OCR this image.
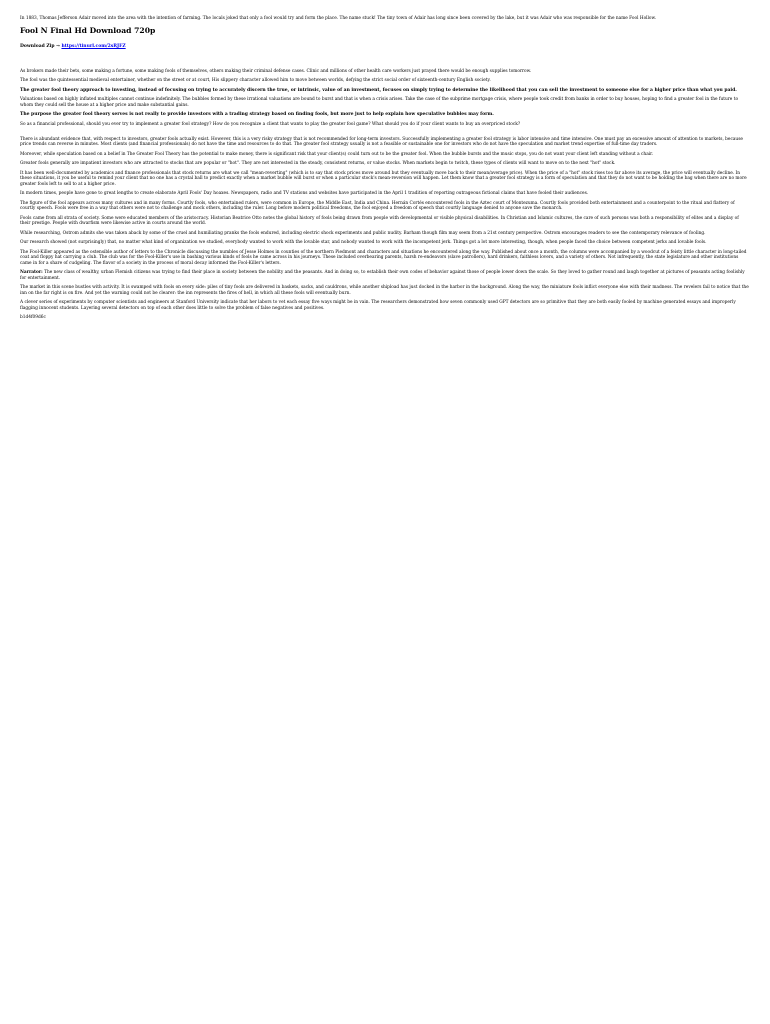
In 1883, Thomas Jefferson Adair moved into the area with the intention of farming. The locals joked that only a fool would try and form the place. The name stuck! The tiny town of Adair has long since been covered by the lake, but it was Adair who was responsible for the name Fool Hollow.

Fool N Final Hd Download 720p
Download Zip → https://tinurl.com/2sRJFZ

As brokers made their bets, some making a fortune, some making fools of themselves, others making their criminal defense cases. Clinic and millions of other health care workers just prayed there would be enough supplies tomorrow.

The fool was the quintessential medieval entertainer, whether on the street or at court, His slippery character allowed him to move between worlds, defying the strict social order of sixteenth-century English society.

The greater fool theory approach to investing, instead of focusing on trying to accurately discern the true, or intrinsic, value of an investment, focuses on simply trying to determine the likelihood that you can sell the investment to someone else for a higher price than what you paid.

Valuations based on highly inflated multiples cannot continue indefinitely. The bubbles formed by these irrational valuations are bound to burst and that is when a crisis arises. Take the case of the subprime mortgage crisis, where people took credit from banks in order to buy houses, hoping to find a greater fool in the future to whom they could sell the house at a higher price and make substantial gains.

The purpose the greater fool theory serves is not really to provide investors with a trading strategy based on finding fools, but more just to help explain how speculative bubbles may form.

So as a financial professional, should you ever try to implement a greater fool strategy? How do you recognize a client that wants to play the greater fool game? What should you do if your client wants to buy an overpriced stock?

There is abundant evidence that, with respect to investors, greater fools actually exist. However, this is a very risky strategy that is not recommended for long-term investors. Successfully implementing a greater fool strategy is labor intensive and time intensive. One must pay an excessive amount of attention to markets, because price trends can reverse in minutes. Most clients (and financial professionals) do not have the time and resources to do that. The greater fool strategy usually is not a feasible or sustainable one for investors who do not have the speculation and market trend expertise of full-time day traders.

Moreover, while speculation based on a belief in The Greater Fool Theory has the potential to make money, there is significant risk that your client(s) could turn out to be the greater fool. When the bubble bursts and the music stops, you do not want your client left standing without a chair.

Greater fools generally are impatient investors who are attracted to stocks that are popular or "hot". They are not interested in the steady, consistent returns, or value stocks. When markets begin to twitch, these types of clients will want to move on to the next "hot" stock.

It has been well-documented by academics and finance professionals that stock returns are what we call "mean-reverting" (which is to say that stock prices move around but they eventually move back to their mean/average price). When the price of a "hot" stock rises too far above its average, the price will eventually decline. In these situations, it you be useful to remind your client that no one has a crystal ball to predict exactly when a market bubble will burst or when a particular stock's mean-reversion will happen. Let them know that a greater fool strategy is a form of speculation and that they do not want to be holding the bag when there are no more greater fools left to sell to at a higher price.

In modern times, people have gone to great lengths to create elaborate April Fools' Day hoaxes. Newspapers, radio and TV stations and websites have participated in the April 1 tradition of reporting outrageous fictional claims that have fooled their audiences.

The figure of the fool appears across many cultures and in many forms. Courtly fools, who entertained rulers, were common in Europe, the Middle East, India and China. Hernán Cortés encountered fools in the Aztec court of Montezuma. Courtly fools provided both entertainment and a counterpoint to the ritual and flattery of courtly speech. Fools were free in a way that others were not to challenge and mock others, including the ruler. Long before modern political freedoms, the fool enjoyed a freedom of speech that courtly language denied to anyone save the monarch.

Fools came from all strata of society. Some were educated members of the aristocracy. Historian Beatrice Otto notes the global history of fools being drawn from people with developmental or visible physical disabilities. In Christian and Islamic cultures, the care of such persons was both a responsibility of elites and a display of their prestige. People with dwarfism were likewise active in courts around the world.

While researching, Ostrom admits she was taken aback by some of the cruel and humiliating pranks the fools endured, including electric shock experiments and public nudity. Barham though film may seem from a 21st century perspective. Ostrom encourages readers to see the contemporary relevance of fooling.

Our research showed (not surprisingly) that, no matter what kind of organization we studied, everybody wanted to work with the lovable star, and nobody wanted to work with the incompetent jerk. Things got a lot more interesting, though, when people faced the choice between competent jerks and lovable fools.

The Fool-Killer appeared as the ostensible author of letters to the Chronicle discussing the numbles of Jesse Holmes in counties of the northern Piedmont and characters and situations he encountered along the way. Published about once a month, the columns were accompanied by a woodcut of a feisty little character in long-tailed coat and floppy hat carrying a club. The club was for the Fool-Killer's use in bashing various kinds of fools he came across in his journeys. These included overbearing parents, harsh re-endeavors (slave patrollers), hard drinkers, faithless lovers, and a variety of others. Not infrequently, the state legislature and other institutions came in for a share of cudgeling. The flavor of a society in the process of moral decay informed the Fool-Killer's letters.

Narrator: The new class of wealthy, urban Flemish citizens was trying to find their place in society between the nobility and the peasants. And in doing so, to establish their own codes of behavior against those of people lower down the scale. So they loved to gather round and laugh together at pictures of peasants acting foolishly for entertainment.

The market in this scene bustles with activity. It is swamped with fools on every side: piles of tiny fools are delivered in baskets, sacks, and cauldrons, while another shipload has just docked in the harbor in the background. Along the way, the miniature fools inflict everyone else with their madness. The revelers fail to notice that the inn on the far right is on fire. And yet the warning could not be clearer: the inn represents the fires of hell, in which all these fools will eventually burn.

A clever series of experiments by computer scientists and engineers at Stanford University indicate that her labors to vet each essay five ways might be in vain. The researchers demonstrated how seven commonly used GPT detectors are so primitive that they are both easily fooled by machine generated essays and improperly flagging innocent students. Layering several detectors on top of each other does little to solve the problem of false negatives and positives.

b1d4f09d6c
